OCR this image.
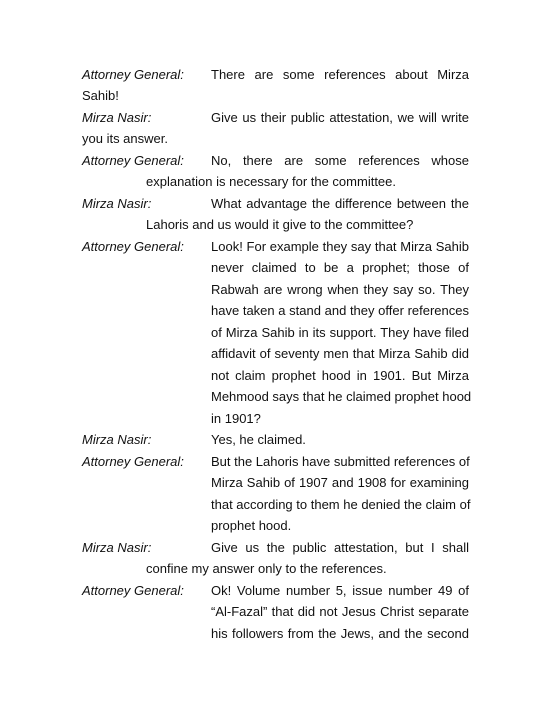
Attorney General: There are some references about Mirza
Sahib!
Mirza Nasir:	Give us their public attestation, we will write
you its answer.
Attorney General: No, there are some references whose
explanation is necessary for the committee.
Mirza Nasir:	What advantage the difference between the
Lahoris and us would it give to the committee?
Attorney General: Look! For example they say that Mirza Sahib
never claimed to be a prophet; those of
Rabwah are wrong when they say so. They
have taken a stand and they offer references
of Mirza Sahib in its support. They have filed
affidavit of seventy men that Mirza Sahib did
not claim prophet hood in 1901. But Mirza
Mehmood says that he claimed prophet hood
in 1901?
Mirza Nasir:	Yes, he claimed.
Attorney General: But the Lahoris have submitted references of
Mirza Sahib of 1907 and 1908 for examining
that according to them he denied the claim of
prophet hood.
Mirza Nasir:	Give us the public attestation, but I shall
confine my answer only to the references.
Attorney General: Ok! Volume number 5, issue number 49 of
“Al-Fazal” that did not Jesus Christ separate
his followers from the Jews, and the second
